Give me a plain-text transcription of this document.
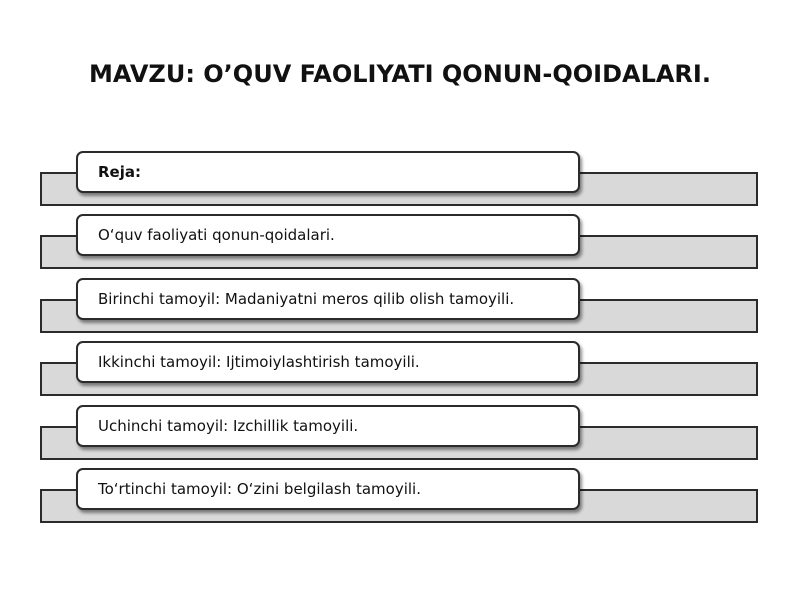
MAVZU: O’QUV FAOLIYATI QONUN-QOIDALARI.
Reja:
O‘quv faoliyati qonun-qoidalari.
Birinchi tamoyil: Madaniyatni meros qilib olish tamoyili.
Ikkinchi tamoyil: Ijtimoiylashtirish tamoyili.
Uchinchi tamoyil: Izchillik tamoyili.
To‘rtinchi tamoyil: O‘zini belgilash tamoyili.
